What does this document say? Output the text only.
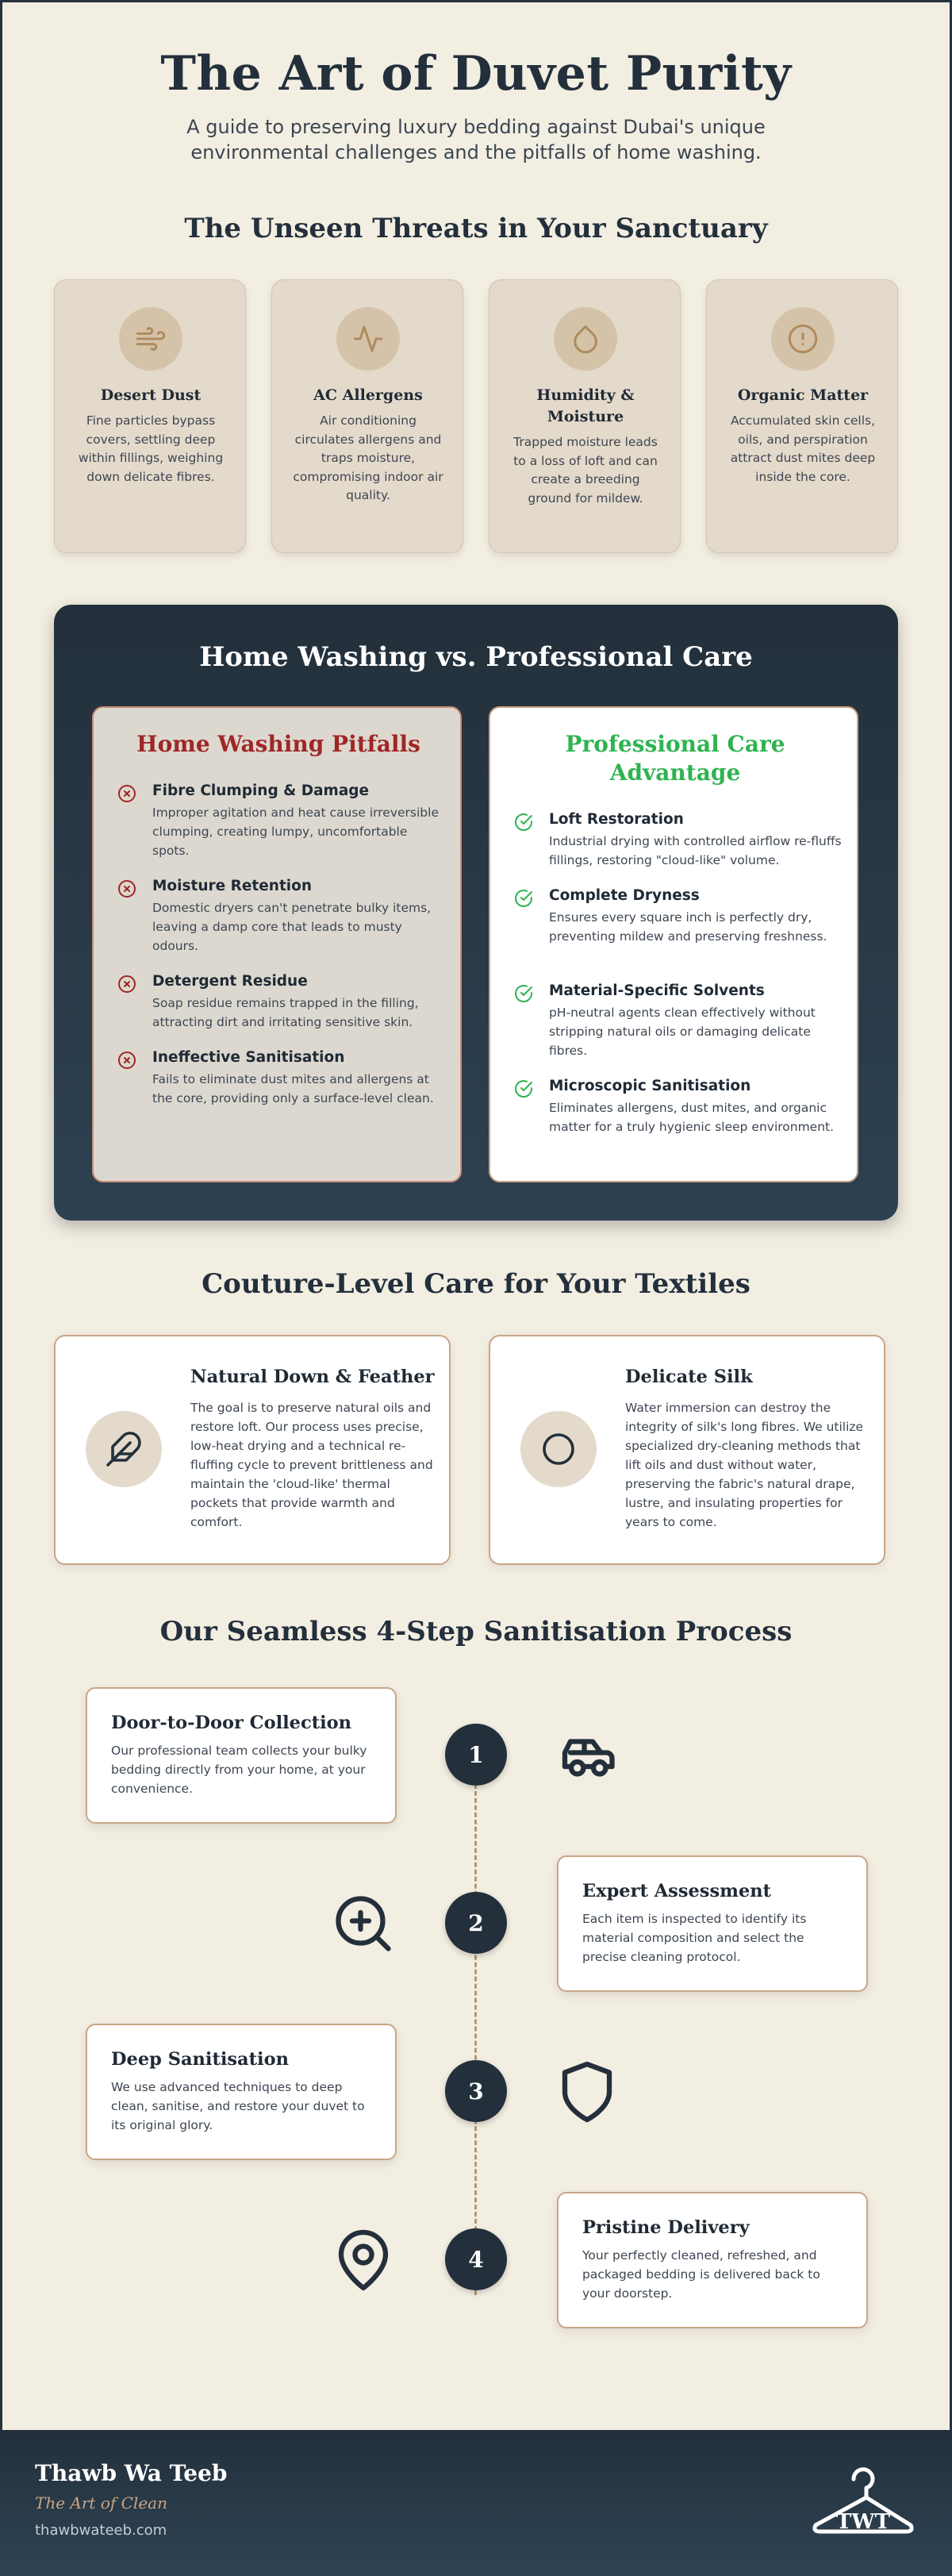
The Art of Duvet Purity

A guide to preserving luxury bedding against Dubai's unique environmental challenges and the pitfalls of home washing.

The Unseen Threats in Your Sanctuary
Desert Dust
Fine particles bypass covers, settling deep within fillings, weighing down delicate fibres.
AC Allergens
Air conditioning circulates allergens and traps moisture, compromising indoor air quality.
Humidity & Moisture
Trapped moisture leads to a loss of loft and can create a breeding ground for mildew.
Organic Matter
Accumulated skin cells, oils, and perspiration attract dust mites deep inside the core.
Home Washing vs. Professional Care
Home Washing Pitfalls
Fibre Clumping & Damage
Improper agitation and heat cause irreversible clumping, creating lumpy, uncomfortable spots.
Moisture Retention
Domestic dryers can't penetrate bulky items, leaving a damp core that leads to musty odours.
Detergent Residue
Soap residue remains trapped in the filling, attracting dirt and irritating sensitive skin.
Ineffective Sanitisation
Fails to eliminate dust mites and allergens at the core, providing only a surface-level clean.
Professional Care Advantage
Loft Restoration
Industrial drying with controlled airflow re-fluffs fillings, restoring "cloud-like" volume.
Complete Dryness
Ensures every square inch is perfectly dry, preventing mildew and preserving freshness.
Material-Specific Solvents
pH-neutral agents clean effectively without stripping natural oils or damaging delicate fibres.
Microscopic Sanitisation
Eliminates allergens, dust mites, and organic matter for a truly hygienic sleep environment.
Couture-Level Care for Your Textiles
Natural Down & Feather
The goal is to preserve natural oils and restore loft. Our process uses precise, low-heat drying and a technical re-fluffing cycle to prevent brittleness and maintain the 'cloud-like' thermal pockets that provide warmth and comfort.
Delicate Silk
Water immersion can destroy the integrity of silk's long fibres. We utilize specialized dry-cleaning methods that lift oils and dust without water, preserving the fabric's natural drape, lustre, and insulating properties for years to come.
Our Seamless 4-Step Sanitisation Process
Door-to-Door Collection
Our professional team collects your bulky bedding directly from your home, at your convenience.
1
Expert Assessment
Each item is inspected to identify its material composition and select the precise cleaning protocol.
2
Deep Sanitisation
We use advanced techniques to deep clean, sanitise, and restore your duvet to its original glory.
3
Pristine Delivery
Your perfectly cleaned, refreshed, and packaged bedding is delivered back to your doorstep.
4
Thawb Wa Teeb
The Art of Clean
thawbwateeb.com	TWT
